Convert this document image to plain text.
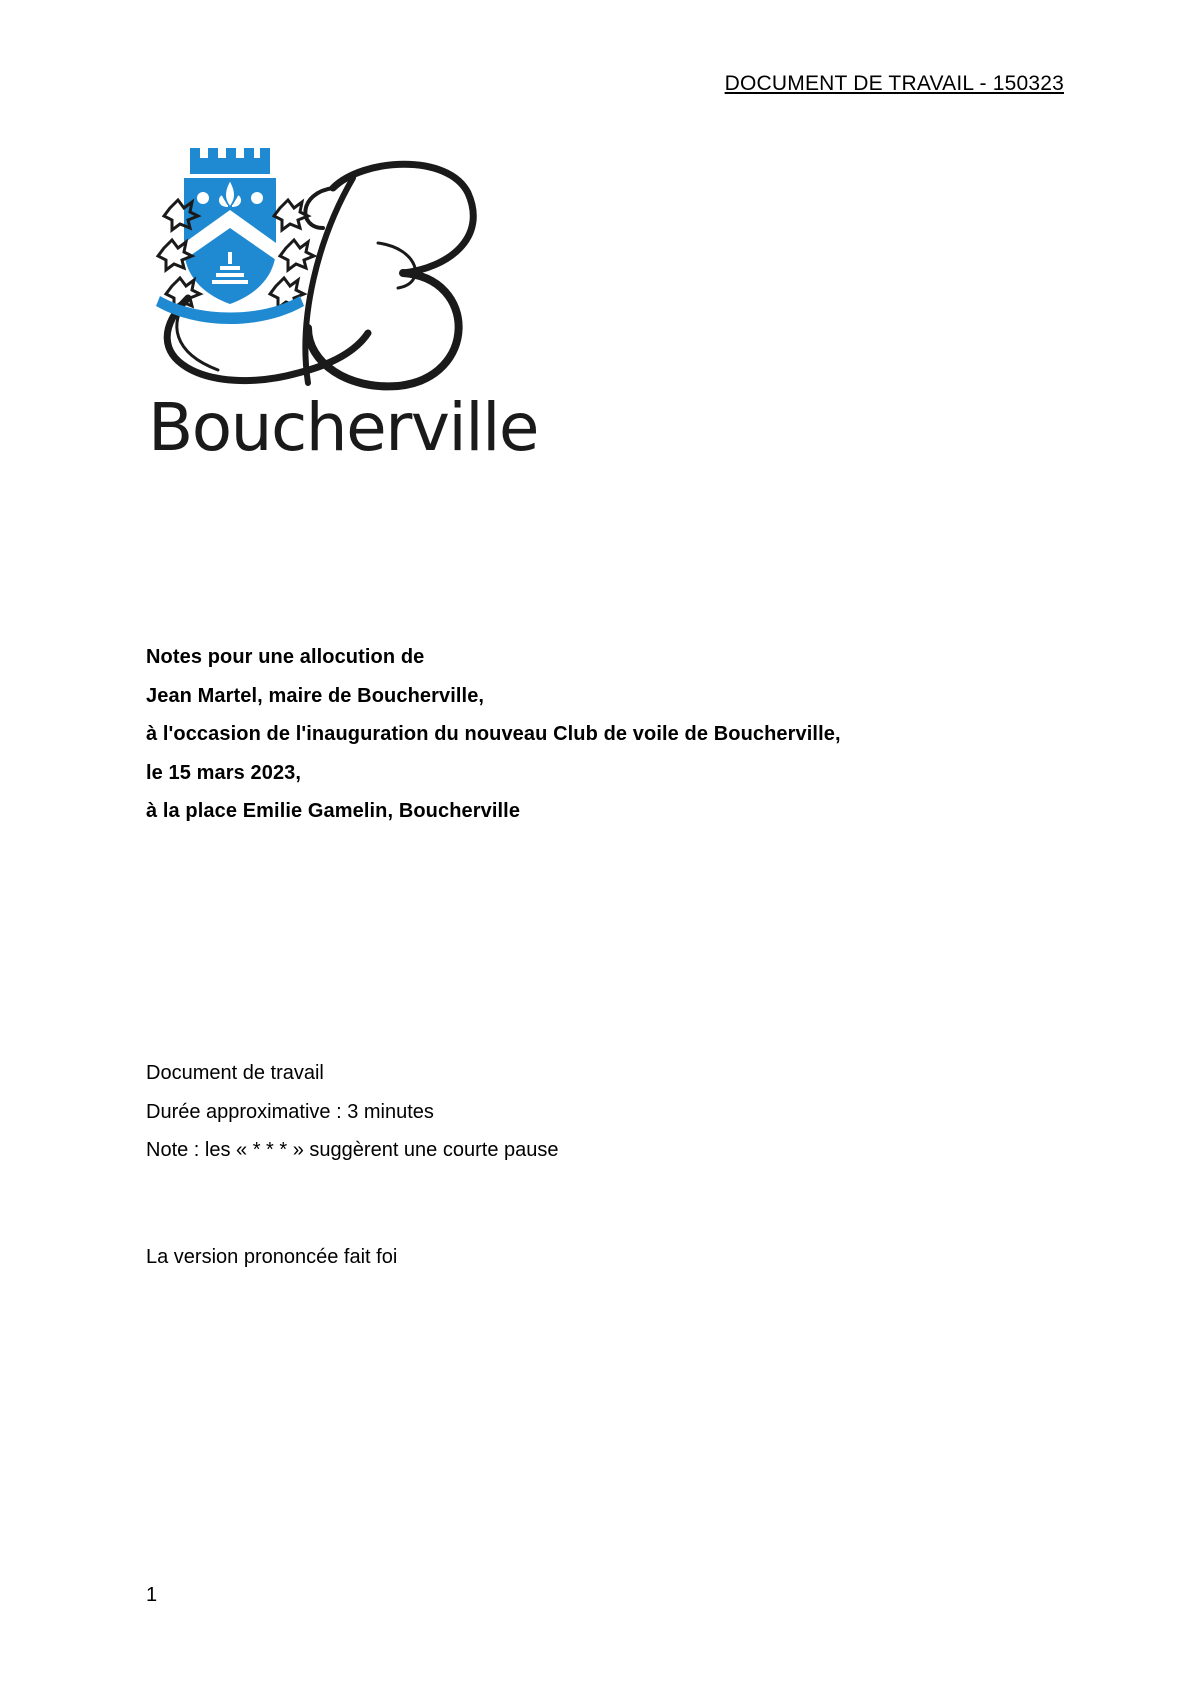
DOCUMENT DE TRAVAIL - 150323
Boucherville
Notes pour une allocution de
Jean Martel, maire de Boucherville,
à l'occasion de l'inauguration du nouveau Club de voile de Boucherville,
le 15 mars 2023,
à la place Emilie Gamelin, Boucherville
Document de travail
Durée approximative : 3 minutes
Note : les « * * * » suggèrent une courte pause
La version prononcée fait foi
1
